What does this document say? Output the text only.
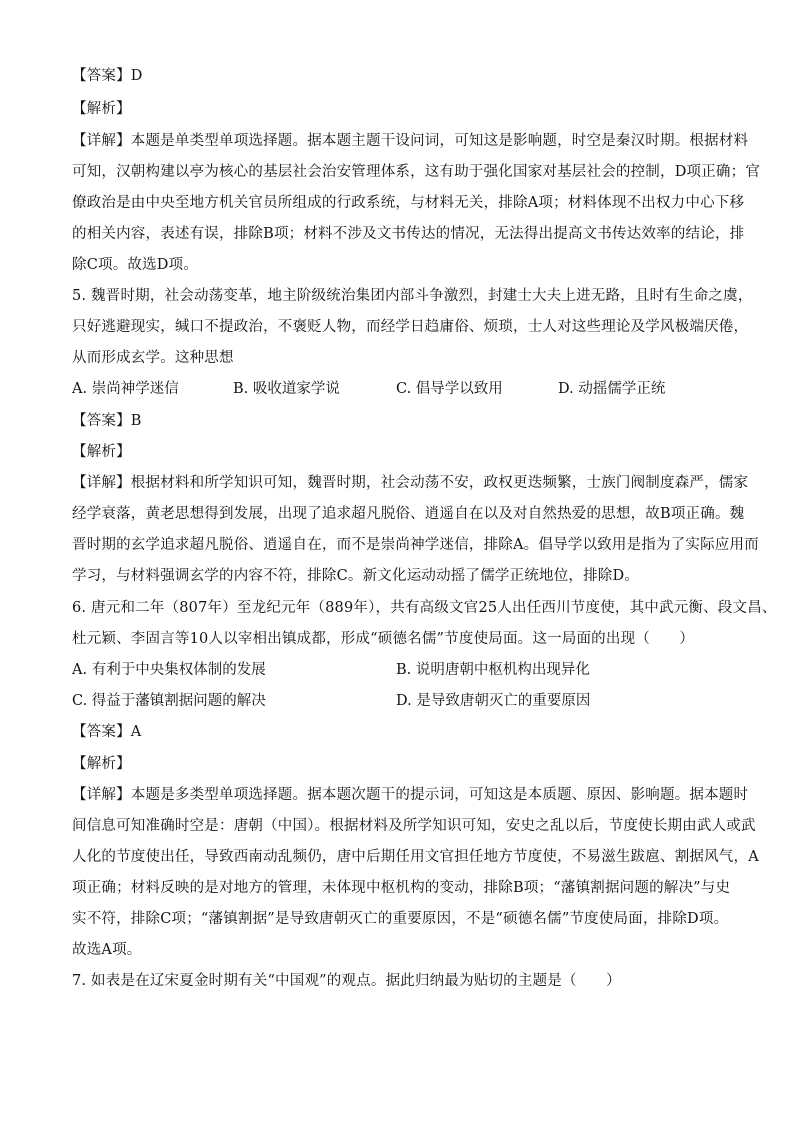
【答案】D
【解析】
【详解】本题是单类型单项选择题。据本题主题干设问词，可知这是影响题，时空是秦汉时期。根据材料
可知，汉朝构建以亭为核心的基层社会治安管理体系，这有助于强化国家对基层社会的控制，D项正确；官
僚政治是由中央至地方机关官员所组成的行政系统，与材料无关，排除A项；材料体现不出权力中心下移
的相关内容，表述有误，排除B项；材料不涉及文书传达的情况，无法得出提高文书传达效率的结论，排
除C项。故选D项。
5. 魏晋时期，社会动荡变革，地主阶级统治集团内部斗争激烈，封建士大夫上进无路，且时有生命之虞，
只好逃避现实，缄口不提政治，不褒贬人物，而经学日趋庸俗、烦琐，士人对这些理论及学风极端厌倦，
从而形成玄学。这种思想
A. 崇尚神学迷信	B. 吸收道家学说	C. 倡导学以致用	D. 动摇儒学正统
【答案】B
【解析】
【详解】根据材料和所学知识可知，魏晋时期，社会动荡不安，政权更迭频繁，士族门阀制度森严，儒家
经学衰落，黄老思想得到发展，出现了追求超凡脱俗、逍遥自在以及对自然热爱的思想，故B项正确。魏
晋时期的玄学追求超凡脱俗、逍遥自在，而不是崇尚神学迷信，排除A。倡导学以致用是指为了实际应用而
学习，与材料强调玄学的内容不符，排除C。新文化运动动摇了儒学正统地位，排除D。
6. 唐元和二年（807年）至龙纪元年（889年），共有高级文官25人出任西川节度使，其中武元衡、段文昌、
杜元颖、李固言等10人以宰相出镇成都，形成“硕德名儒”节度使局面。这一局面的出现（　　）
A. 有利于中央集权体制的发展	B. 说明唐朝中枢机构出现异化
C. 得益于藩镇割据问题的解决	D. 是导致唐朝灭亡的重要原因
【答案】A
【解析】
【详解】本题是多类型单项选择题。据本题次题干的提示词，可知这是本质题、原因、影响题。据本题时
间信息可知准确时空是：唐朝（中国）。根据材料及所学知识可知，安史之乱以后，节度使长期由武人或武
人化的节度使出任，导致西南动乱频仍，唐中后期任用文官担任地方节度使，不易滋生跋扈、割据风气，A
项正确；材料反映的是对地方的管理，未体现中枢机构的变动，排除B项；“藩镇割据问题的解决”与史
实不符，排除C项；“藩镇割据”是导致唐朝灭亡的重要原因，不是“硕德名儒”节度使局面，排除D项。
故选A项。
7. 如表是在辽宋夏金时期有关“中国观”的观点。据此归纳最为贴切的主题是（　　）
